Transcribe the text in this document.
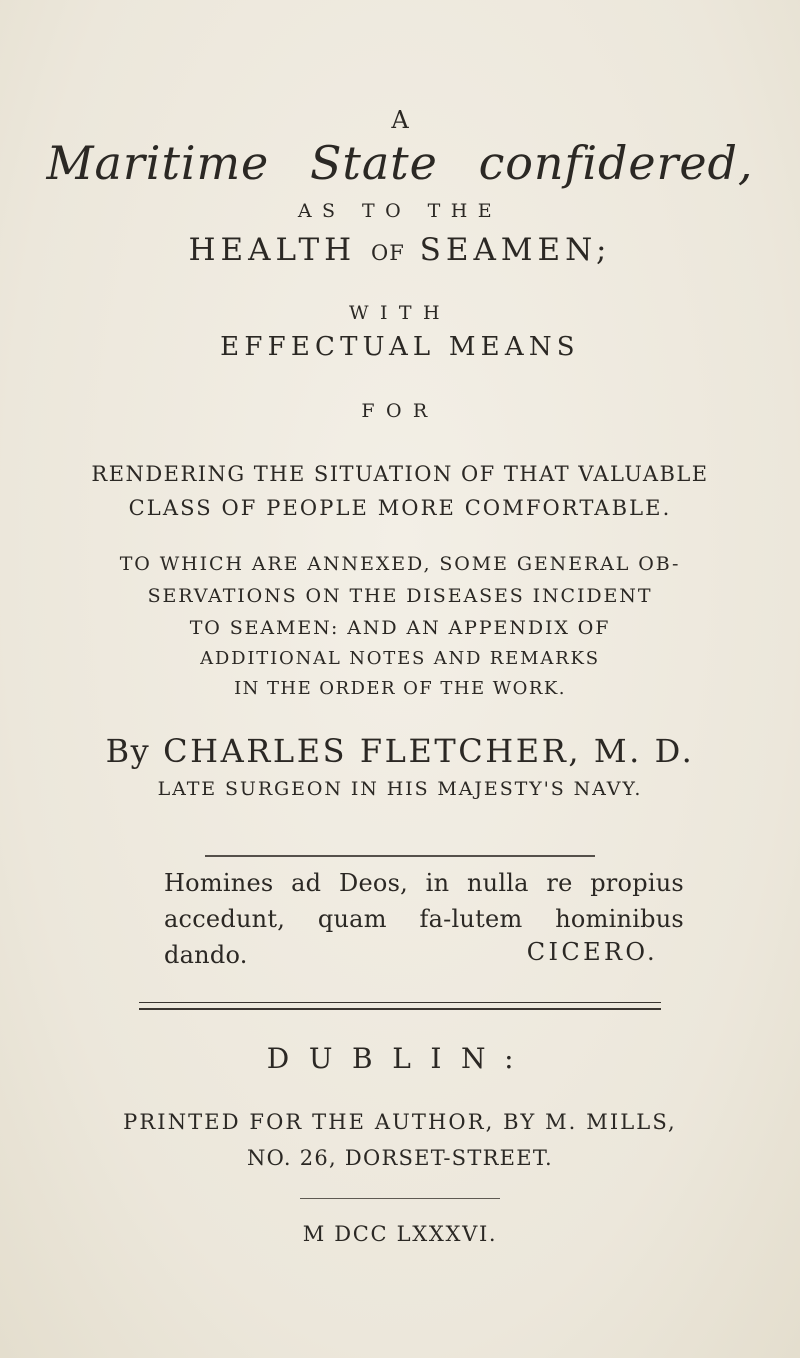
A
Maritime State confidered,
AS TO THE
HEALTH OF SEAMEN;
WITH
EFFECTUAL MEANS
FOR
RENDERING THE SITUATION OF THAT VALUABLE
CLASS OF PEOPLE MORE COMFORTABLE.
TO WHICH ARE ANNEXED, SOME GENERAL OB-
SERVATIONS ON THE DISEASES INCIDENT
TO SEAMEN: AND AN APPENDIX OF
ADDITIONAL NOTES AND REMARKS
IN THE ORDER OF THE WORK.
By CHARLES FLETCHER, M. D.
LATE SURGEON IN HIS MAJESTY'S NAVY.
Homines ad Deos, in nulla re propius accedunt, quam fa-lutem hominibus dando.	CICERO.
DUBLIN:
PRINTED FOR THE AUTHOR, BY M. MILLS,
NO. 26, DORSET-STREET.
M DCC LXXXVI.
